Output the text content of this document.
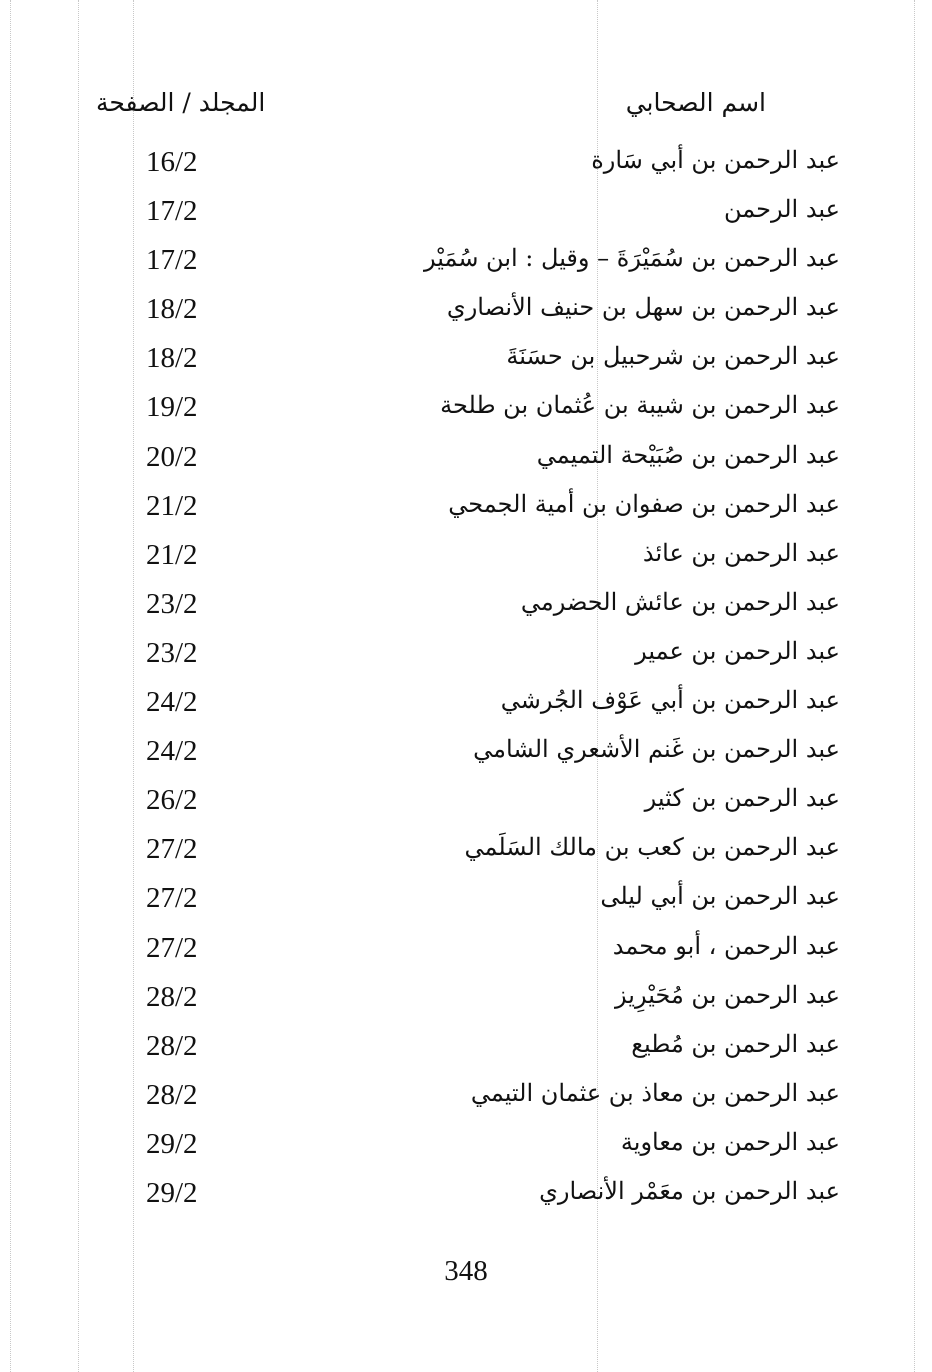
اسم الصحابي
المجلد / الصفحة
عبد الرحمن بن أبي سَارة
16/2
عبد الرحمن
17/2
عبد الرحمن بن سُمَيْرَةَ – وقيل : ابن سُمَيْر
17/2
عبد الرحمن بن سهل بن حنيف الأنصاري
18/2
عبد الرحمن بن شرحبيل بن حسَنَةَ
18/2
عبد الرحمن بن شيبة بن عُثمان بن طلحة
19/2
عبد الرحمن بن صُبَيْحة التميمي
20/2
عبد الرحمن بن صفوان بن أمية الجمحي
21/2
عبد الرحمن بن عائذ
21/2
عبد الرحمن بن عائش الحضرمي
23/2
عبد الرحمن بن عمير
23/2
عبد الرحمن بن أبي عَوْف الجُرشي
24/2
عبد الرحمن بن غَنم الأشعري الشامي
24/2
عبد الرحمن بن كثير
26/2
عبد الرحمن بن كعب بن مالك السَلَمي
27/2
عبد الرحمن بن أبي ليلى
27/2
عبد الرحمن ، أبو محمد
27/2
عبد الرحمن بن مُحَيْرِيز
28/2
عبد الرحمن بن مُطيع
28/2
عبد الرحمن بن معاذ بن عثمان التيمي
28/2
عبد الرحمن بن معاوية
29/2
عبد الرحمن بن معَمْر الأنصاري
29/2
348
